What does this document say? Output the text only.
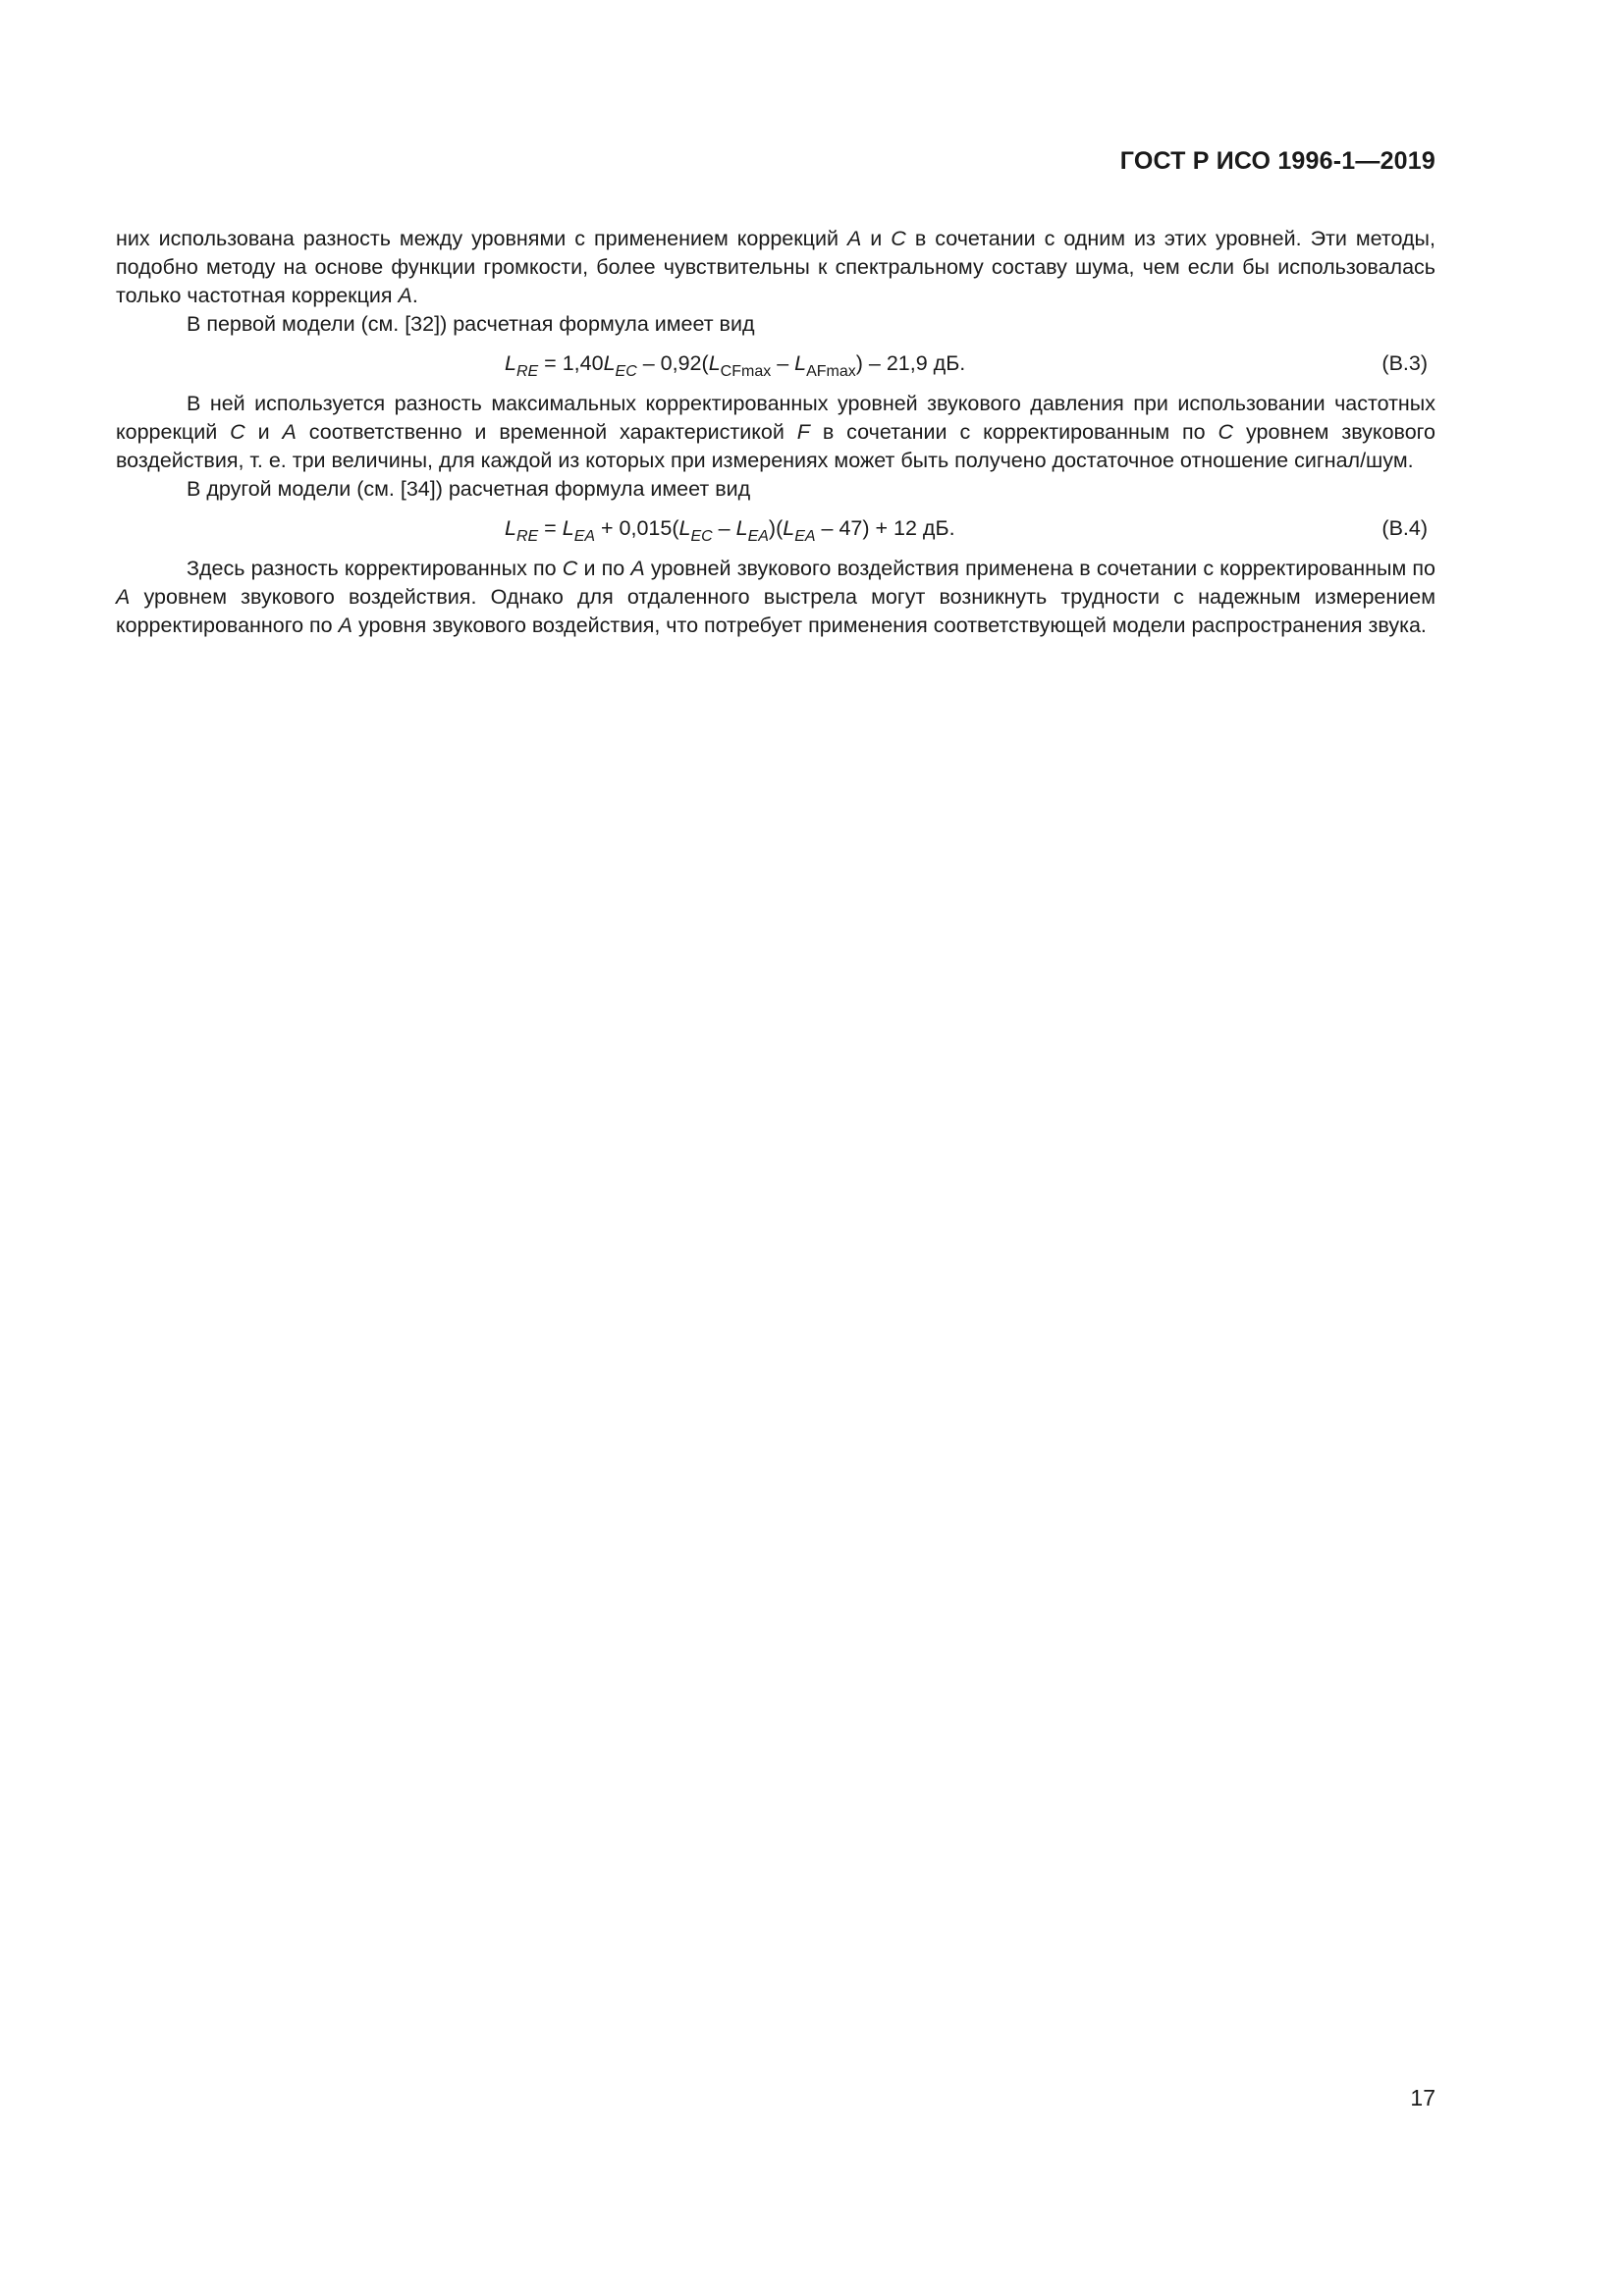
ГОСТ Р ИСО 1996-1—2019

них использована разность между уровнями с применением коррекций A и C в сочетании с одним из этих уровней. Эти методы, подобно методу на основе функции громкости, более чувствительны к спектральному составу шума, чем если бы использовалась только частотная коррекция A.

В первой модели (см. [32]) расчетная формула имеет вид

$L_{RE} = 1,40L_{EC} - 0,92(L_{CFmax} - L_{AFmax}) - 21,9$ дБ.	(B.3)

В ней используется разность максимальных корректированных уровней звукового давления при использовании частотных коррекций C и A соответственно и временной характеристикой F в сочетании с корректированным по C уровнем звукового воздействия, т. е. три величины, для каждой из которых при измерениях может быть получено достаточное отношение сигнал/шум.

В другой модели (см. [34]) расчетная формула имеет вид

$L_{RE} = L_{EA} + 0,015(L_{EC} - L_{EA})(L_{EA} - 47) + 12$ дБ.	(B.4)

Здесь разность корректированных по C и по A уровней звукового воздействия применена в сочетании с корректированным по A уровнем звукового воздействия. Однако для отдаленного выстрела могут возникнуть трудности с надежным измерением корректированного по A уровня звукового воздействия, что потребует применения соответствующей модели распространения звука.

17
